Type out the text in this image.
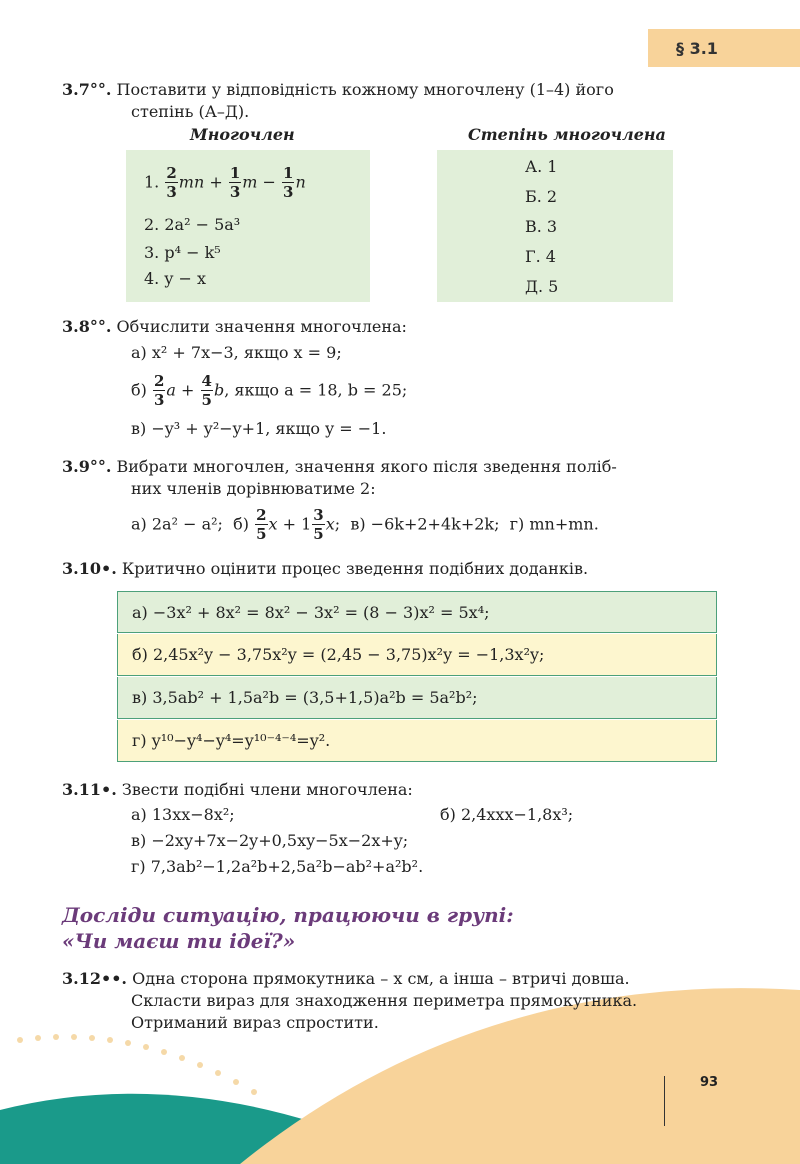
§ 3.1
3.7°°. Поставити у відповідність кожному многочлену (1–4) його
степінь (А–Д).
Многочлен	Степінь многочлена
1. $\frac{2}{3}$ mn + $\frac{1}{3}$ $m - \frac{1}{3}$ n
2. 2a² − 5a³
3. p⁴ − k⁵
4. y − x
А. 1
Б. 2
В. 3
Г. 4
Д. 5
3.8°°. Обчислити значення многочлена:
а) x² + 7x−3, якщо x = 9;
$б) \frac{2}{3}$ $a + \frac{4}{5} b$, якщо a = 18, b = 25;
в) −y³ + y²−y+1, якщо y = −1.
3.9°°. Вибрати многочлен, значення якого після зведення поліб-
них членів дорівнюватиме 2:
а) 2a² − a²;  $б) \frac{2}{5}$ $x + 1 \frac{3}{5} x$;  в) −6k+2+4k+2k;  г) mn+mn.
3.10•. Критично оцінити процес зведення подібних доданків.
а) −3x² + 8x² = 8x² − 3x² = (8 − 3)x² = 5x⁴;
б) 2,45x²y − 3,75x²y = (2,45 − 3,75)x²y = −1,3x²y;
в) 3,5ab² + 1,5a²b = (3,5+1,5)a²b = 5a²b²;
г) y¹⁰−y⁴−y⁴=y¹⁰⁻⁴⁻⁴=y².
3.11•. Звести подібні члени многочлена:
а) 13xx−8x²;	б) 2,4xxx−1,8x³;
в) −2xy+7x−2y+0,5xy−5x−2x+y;
г) 7,3ab²−1,2a²b+2,5a²b−ab²+a²b².
Досліди ситуацію, працюючи в групі:
«Чи маєш ти ідеї?»
3.12••. Одна сторона прямокутника – x см, а інша – втричі довша.
Скласти вираз для знаходження периметра прямокутника.
Отриманий вираз спростити.
93
